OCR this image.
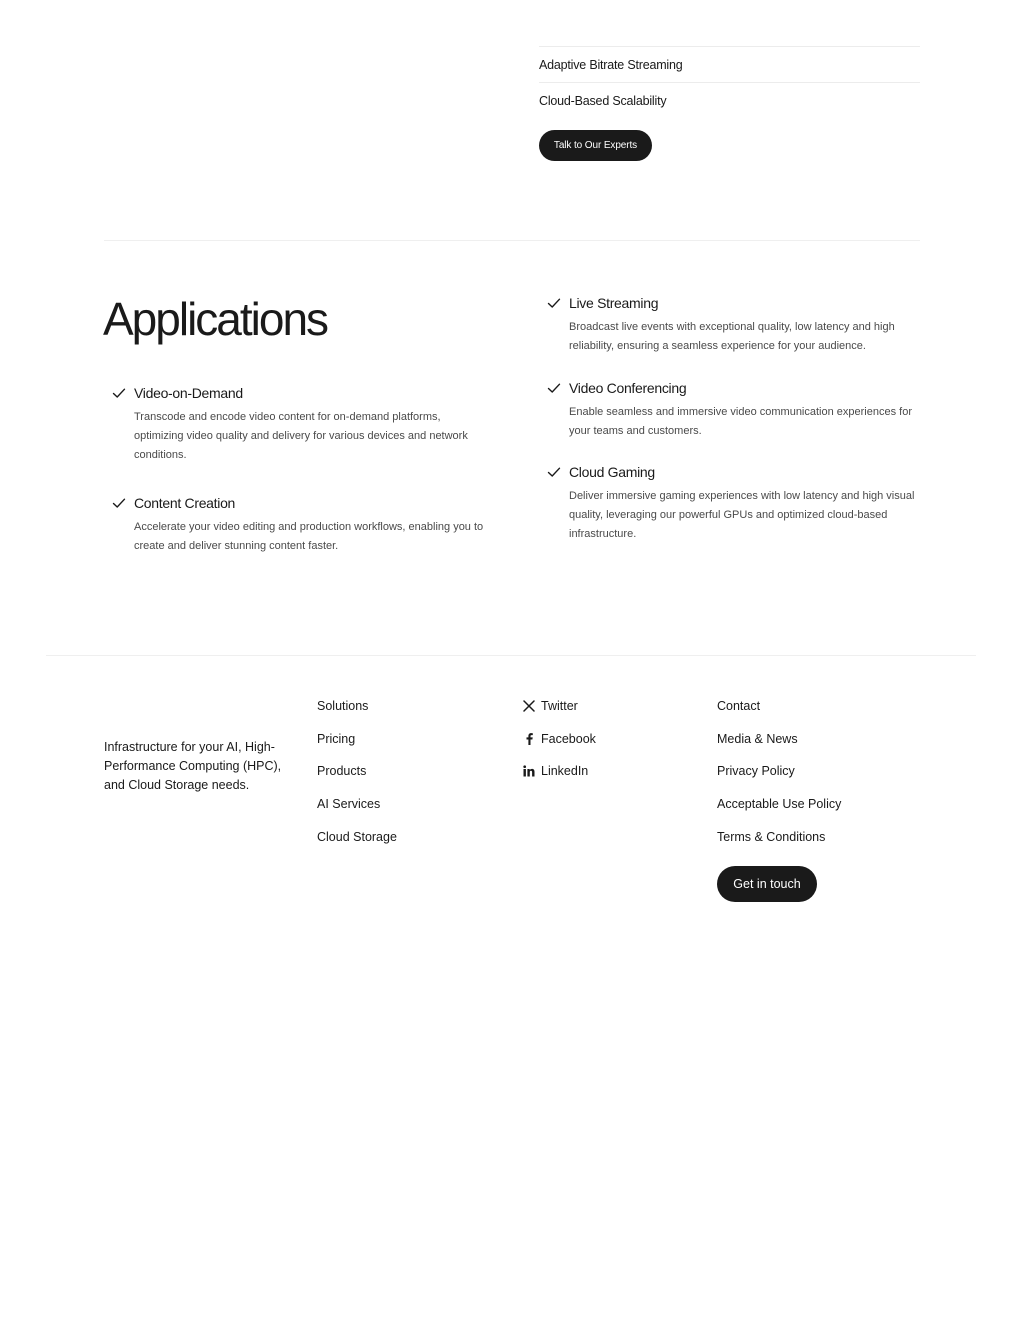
Adaptive Bitrate Streaming
Cloud-Based Scalability
Talk to Our Experts
Applications
Video-on-Demand

Transcode and encode video content for on-demand platforms, optimizing video quality and delivery for various devices and network conditions.

Content Creation

Accelerate your video editing and production workflows, enabling you to create and deliver stunning content faster.

Live Streaming

Broadcast live events with exceptional quality, low latency and high reliability, ensuring a seamless experience for your audience.

Video Conferencing

Enable seamless and immersive video communication experiences for your teams and customers.

Cloud Gaming

Deliver immersive gaming experiences with low latency and high visual quality, leveraging our powerful GPUs and optimized cloud-based infrastructure.

Infrastructure for your AI, High-Performance Computing (HPC), and Cloud Storage needs.

Solutions
Pricing
Products
AI Services
Cloud Storage
Twitter
Facebook
LinkedIn
Contact
Media & News
Privacy Policy
Acceptable Use Policy
Terms & Conditions
Get in touch
